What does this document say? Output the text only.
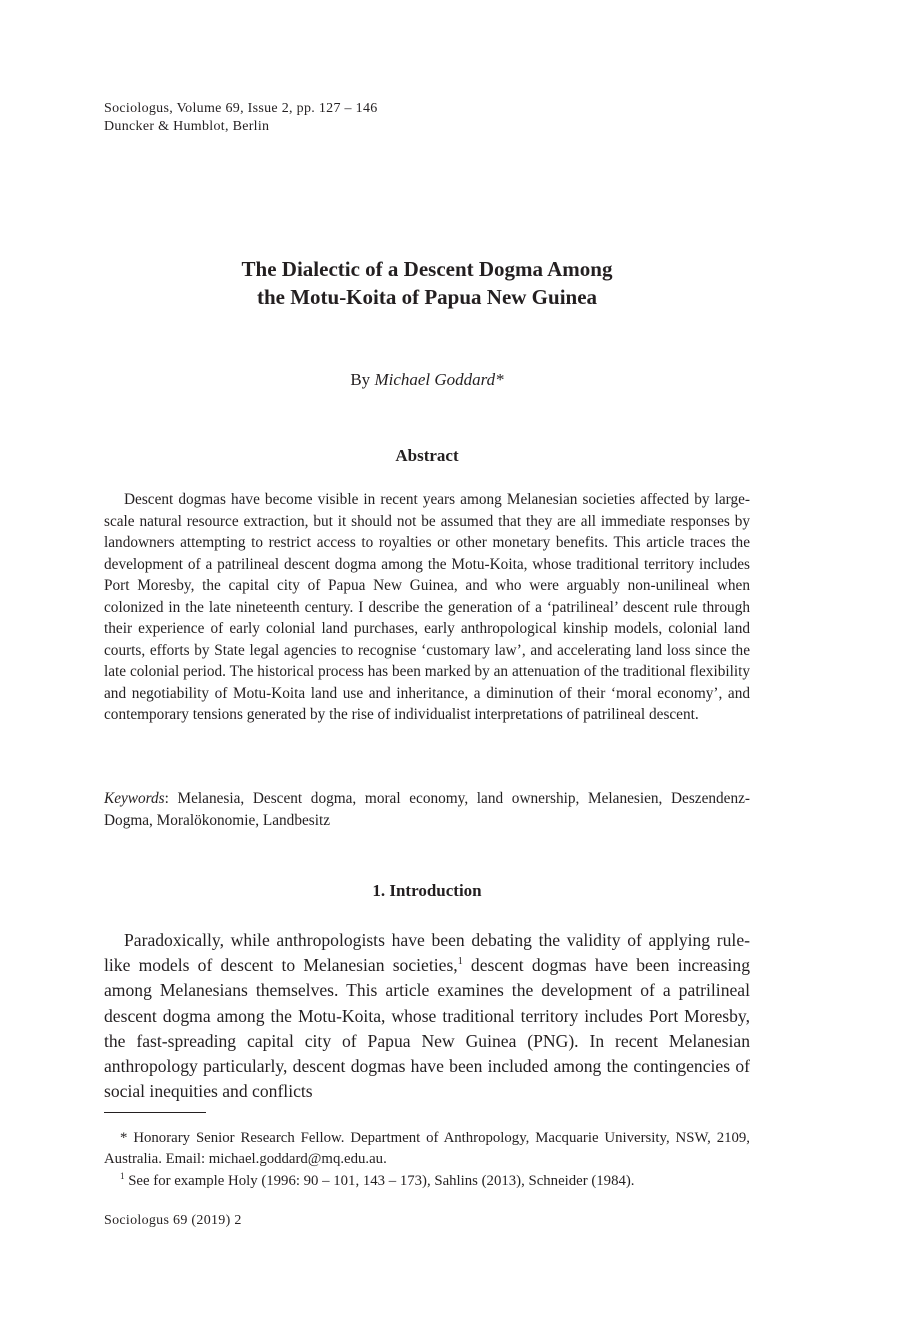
Sociologus, Volume 69, Issue 2, pp. 127 – 146
Duncker & Humblot, Berlin
The Dialectic of a Descent Dogma Among
the Motu-Koita of Papua New Guinea
By Michael Goddard*
Abstract

Descent dogmas have become visible in recent years among Melanesian societies affected by large-scale natural resource extraction, but it should not be assumed that they are all immediate responses by landowners attempting to restrict access to royalties or other monetary benefits. This article traces the development of a patrilineal descent dogma among the Motu-Koita, whose traditional territory includes Port Moresby, the capital city of Papua New Guinea, and who were arguably non-unilineal when colonized in the late nineteenth century. I describe the generation of a ‘patrilineal’ descent rule through their experience of early colonial land purchases, early anthropological kinship models, colonial land courts, efforts by State legal agencies to recognise ‘customary law’, and accelerating land loss since the late colonial period. The historical process has been marked by an attenuation of the traditional flexibility and negotiability of Motu-Koita land use and inheritance, a diminution of their ‘moral economy’, and contemporary tensions generated by the rise of individualist interpretations of patrilineal descent.

Keywords: Melanesia, Descent dogma, moral economy, land ownership, Melanesien, Deszendenz-Dogma, Moralökonomie, Landbesitz

1. Introduction

Paradoxically, while anthropologists have been debating the validity of applying rule-like models of descent to Melanesian societies,$^1$ descent dogmas have been increasing among Melanesians themselves. This article examines the development of a patrilineal descent dogma among the Motu-Koita, whose traditional territory includes Port Moresby, the fast-spreading capital city of Papua New Guinea (PNG). In recent Melanesian anthropology particularly, descent dogmas have been included among the contingencies of social inequities and conflicts

* Honorary Senior Research Fellow. Department of Anthropology, Macquarie University, NSW, 2109, Australia. Email: michael.goddard@mq.edu.au.

$^1$ See for example Holy (1996: 90 – 101, 143 – 173), Sahlins (2013), Schneider (1984).

Sociologus 69 (2019) 2
